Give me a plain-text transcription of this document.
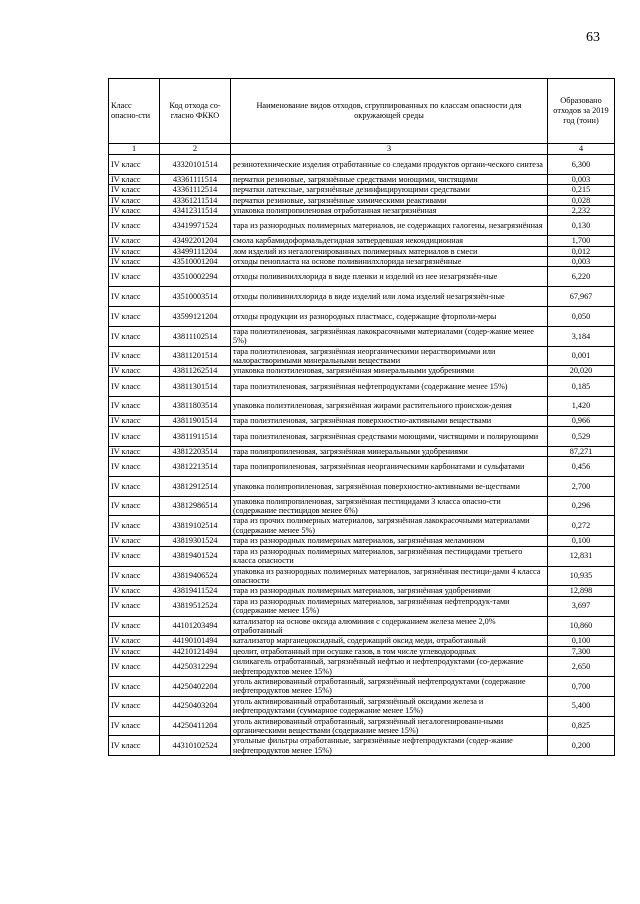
63
Класс опасно-сти	Код отхода со-гласно ФККО	Наименование видов отходов, сгруппированных по классам опасности для окружающей среды	Образовано отходов за 2019 год (тонн)
1	2	3	4
IV класс	43320101514	резинотехнические изделия отработанные со следами продуктов органи-ческого синтеза	6,300
IV класс	43361111514	перчатки резиновые, загрязнённые средствами моющими, чистящими	0,003
IV класс	43361112514	перчатки латексные, загрязнённые дезинфицирующими средствами	0,215
IV класс	43361211514	перчатки резиновые, загрязнённые химическими реактивами	0,028
IV класс	43412311514	упаковка полипропиленовая отработанная незагрязнённая	2,232
IV класс	43419971524	тара из разнородных полимерных материалов, не содержащих галогены, незагрязнённая	0,130
IV класс	43492201204	смола карбамидоформальдегидная затвердевшая некондиционная	1,700
IV класс	43499111204	лом изделий из негалогенированных полимерных материалов в смеси	0,012
IV класс	43510001204	отходы пенопласта на основе поливинилхлорида незагрязнённые	0,003
IV класс	43510002294	отходы поливинилхлорида в виде пленки и изделий из нее незагрязнён-ные	6,220
IV класс	43510003514	отходы поливинилхлорида в виде изделий или лома изделий незагрязнён-ные	67,967
IV класс	43599121204	отходы продукции из разнородных пластмасс, содержащие фторполи-меры	0,050
IV класс	43811102514	тара полиэтиленовая, загрязнённая лакокрасочными материалами (содер-жание менее 5%)	3,184
IV класс	43811201514	тара полиэтиленовая, загрязнённая неорганическими нерастворимыми или малорастворимыми минеральными веществами	0,001
IV класс	43811262514	упаковка полиэтиленовая, загрязнённая минеральными удобрениями	20,020
IV класс	43811301514	тара полиэтиленовая, загрязнённая нефтепродуктами (содержание менее 15%)	0,185
IV класс	43811803514	упаковка полиэтиленовая, загрязнённая жирами растительного происхож-дения	1,420
IV класс	43811901514	тара полиэтиленовая, загрязнённая поверхностно-активными веществами	0,966
IV класс	43811911514	тара полиэтиленовая, загрязнённая средствами моющими, чистящими и полирующими	0,529
IV класс	43812203514	тара полипропиленовая, загрязнённая минеральными удобрениями	87,271
IV класс	43812213514	тара полипропиленовая, загрязнённая неорганическими карбонатами и сульфатами	0,456
IV класс	43812912514	упаковка полипропиленовая, загрязнённая поверхностно-активными ве-ществами	2,700
IV класс	43812986514	упаковка полипропиленовая, загрязнённая пестицидами 3 класса опасно-сти (содержание пестицидов менее 6%)	0,296
IV класс	43819102514	тара из прочих полимерных материалов, загрязнённая лакокрасочными материалами (содержание менее 5%)	0,272
IV класс	43819301524	тара из разнородных полимерных материалов, загрязнённая меламином	0,100
IV класс	43819401524	тара из разнородных полимерных материалов, загрязнённая пестицидами третьего класса опасности	12,831
IV класс	43819406524	упаковка из разнородных полимерных материалов, загрязнённая пестици-дами 4 класса опасности	10,935
IV класс	43819411524	тара из разнородных полимерных материалов, загрязнённая удобрениями	12,898
IV класс	43819512524	тара из разнородных полимерных материалов, загрязнённая нефтепродук-тами (содержание менее 15%)	3,697
IV класс	44101203494	катализатор на основе оксида алюминия с содержанием железа менее 2,0% отработанный	10,860
IV класс	44190101494	катализатор марганецоксидный, содержащий оксид меди, отработанный	0,100
IV класс	44210121494	цеолит, отработанный при осушке газов, в том числе углеводородных	7,300
IV класс	44250312294	силикагель отработанный, загрязнённый нефтью и нефтепродуктами (со-держание нефтепродуктов менее 15%)	2,650
IV класс	44250402204	уголь активированный отработанный, загрязнённый нефтепродуктами (содержание нефтепродуктов менее 15%)	0,700
IV класс	44250403204	уголь активированный отработанный, загрязнённый оксидами железа и нефтепродуктами (суммарное содержание менее 15%)	5,400
IV класс	44250411204	уголь активированный отработанный, загрязнённый негалогенированн-ными органическими веществами (содержание менее 15%)	0,825
IV класс	44310102524	угольные фильтры отработанные, загрязнённые нефтепродуктами (содер-жание нефтепродуктов менее 15%)	0,200
